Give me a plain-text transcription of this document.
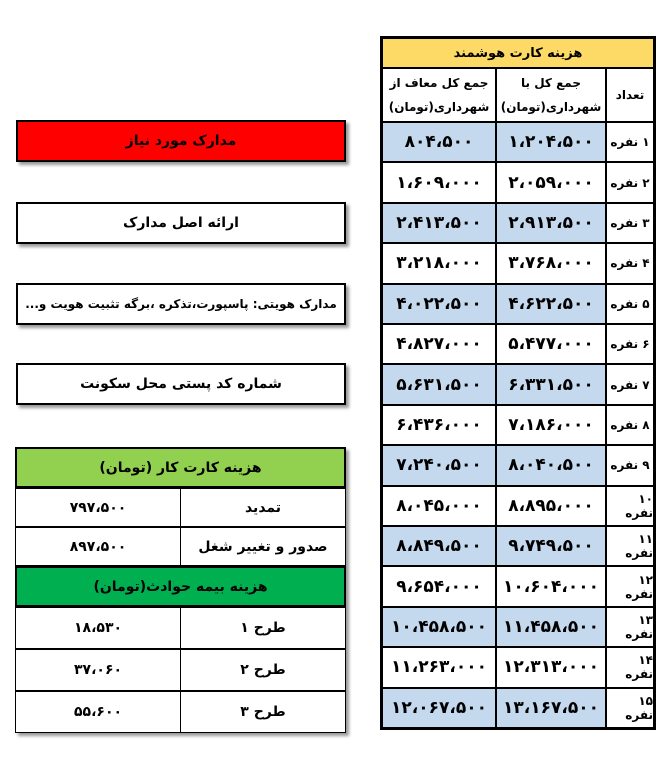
مدارک مورد نیاز
ارائه اصل مدارک
مدارک هویتی: پاسپورت،تذکره ،برگه تثبیت هویت و...
شماره کد پستی محل سکونت
هزینه کارت کار (تومان)
تمدید
۷۹۷،۵۰۰
صدور و تغییر شغل
۸۹۷،۵۰۰
هزینه بیمه حوادث(تومان)
طرح ۱
۱۸،۵۳۰
طرح ۲
۳۷،۰۶۰
طرح ۳
۵۵،۶۰۰
هزینه کارت هوشمند
جمع کل معاف از
شهرداری(تومان)
جمع کل با
شهرداری(تومان)
تعداد
۸۰۴،۵۰۰ ۱،۲۰۴،۵۰۰ ۱ نفره
۱،۶۰۹،۰۰۰ ۲،۰۵۹،۰۰۰ ۲ نفره
۲،۴۱۳،۵۰۰ ۲،۹۱۳،۵۰۰ ۳ نفره
۳،۲۱۸،۰۰۰ ۳،۷۶۸،۰۰۰ ۴ نفره
۴،۰۲۲،۵۰۰ ۴،۶۲۲،۵۰۰ ۵ نفره
۴،۸۲۷،۰۰۰ ۵،۴۷۷،۰۰۰ ۶ نفره
۵،۶۳۱،۵۰۰ ۶،۳۳۱،۵۰۰ ۷ نفره
۶،۴۳۶،۰۰۰ ۷،۱۸۶،۰۰۰ ۸ نفره
۷،۲۴۰،۵۰۰ ۸،۰۴۰،۵۰۰ ۹ نفره
۸،۰۴۵،۰۰۰ ۸،۸۹۵،۰۰۰	۱۰ نفره
۸،۸۴۹،۵۰۰ ۹،۷۴۹،۵۰۰	۱۱ نفره
۹،۶۵۴،۰۰۰ ۱۰،۶۰۴،۰۰۰	۱۲ نفره
۱۰،۴۵۸،۵۰۰ ۱۱،۴۵۸،۵۰۰	۱۳ نفره
۱۱،۲۶۳،۰۰۰ ۱۲،۳۱۳،۰۰۰	۱۴ نفره
۱۲،۰۶۷،۵۰۰ ۱۳،۱۶۷،۵۰۰	۱۵ نفره
